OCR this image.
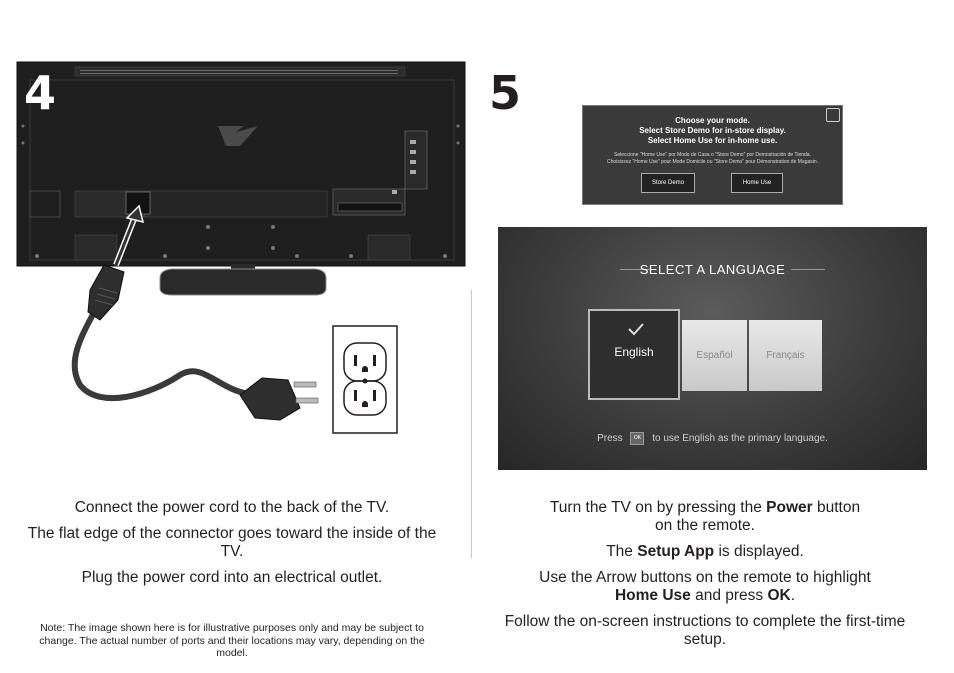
4

Connect the power cord to the back of the TV.

The flat edge of the connector goes toward the inside of the TV.

Plug the power cord into an electrical outlet.

Note: The image shown here is for illustrative purposes only and may be subject to change. The actual number of ports and their locations may vary, depending on the model.
5
Choose your mode.
Select Store Demo for in-store display.
Select Home Use for in-home use.
Seleccione "Home Use" por Modo de Casa o "Store Demo" por Demostración de Tienda.
Choisissez "Home Use" pour Mode Domicile ou "Store Demo" pour Démonstration de Magasin.
Store Demo	Home Use
SELECT A LANGUAGE
English	Español	Français
Press OK to use English as the primary language.

Turn the TV on by pressing the Power button on the remote.

The Setup App is displayed.

Use the Arrow buttons on the remote to highlight Home Use and press OK.

Follow the on-screen instructions to complete the first-time setup.
